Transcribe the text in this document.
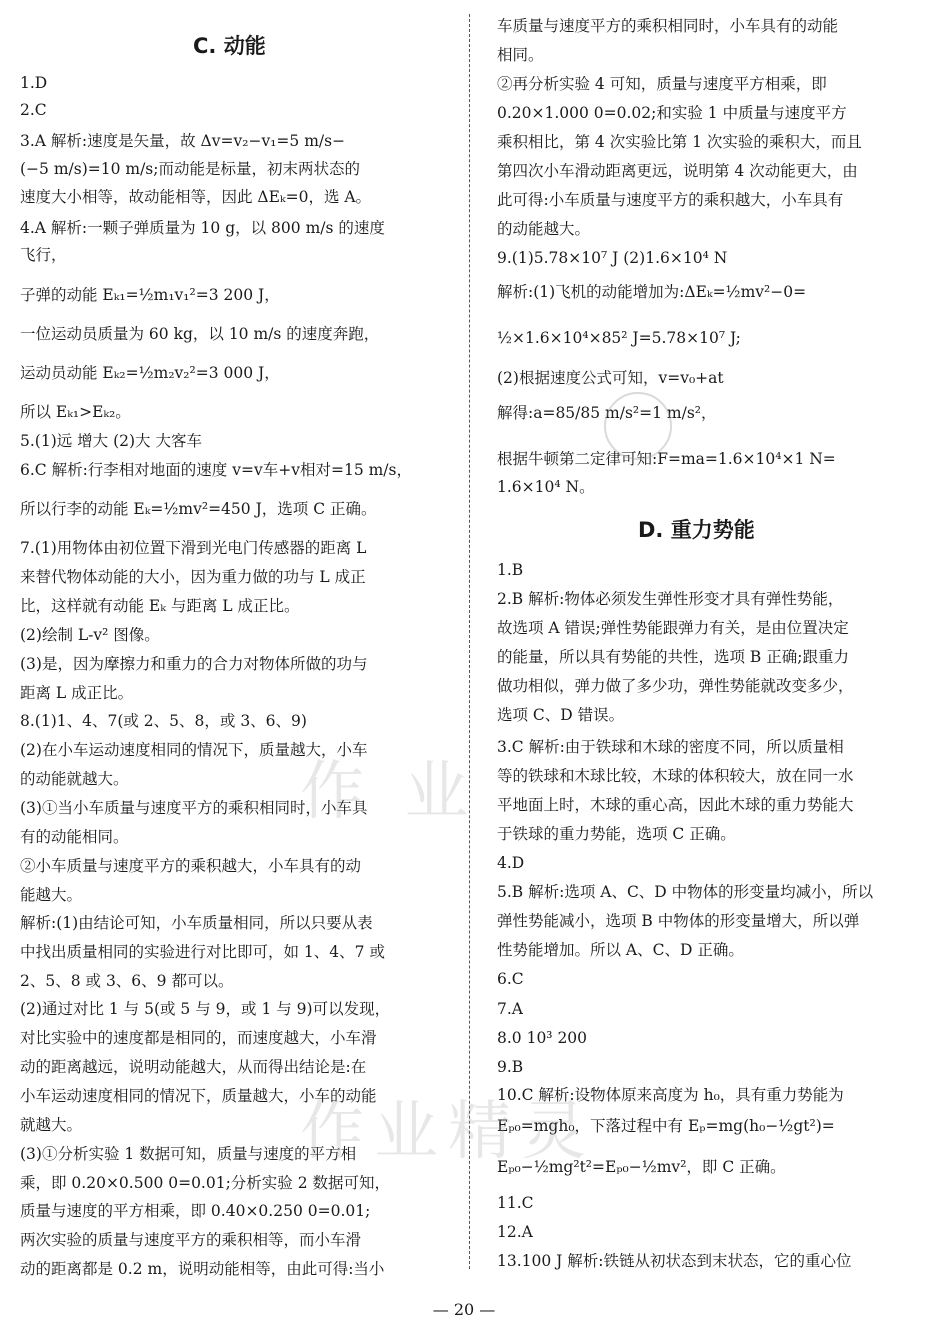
C. 动能
D. 重力势能
1.D
2.C
3.A 解析:速度是矢量，故 Δv=v₂−v₁=5 m/s−
(−5 m/s)=10 m/s;而动能是标量，初末两状态的
速度大小相等，故动能相等，因此 ΔEₖ=0，选 A。
4.A 解析:一颗子弹质量为 10 g，以 800 m/s 的速度
飞行，
子弹的动能 Eₖ₁=½m₁v₁²=3 200 J，
一位运动员质量为 60 kg，以 10 m/s 的速度奔跑，
运动员动能 Eₖ₂=½m₂v₂²=3 000 J，
所以 Eₖ₁>Eₖ₂。
5.(1)远 增大 (2)大 大客车
6.C 解析:行李相对地面的速度 v=v车+v相对=15 m/s，
所以行李的动能 Eₖ=½mv²=450 J，选项 C 正确。
7.(1)用物体由初位置下滑到光电门传感器的距离 L
来替代物体动能的大小，因为重力做的功与 L 成正
比，这样就有动能 Eₖ 与距离 L 成正比。
(2)绘制 L-v² 图像。
(3)是，因为摩擦力和重力的合力对物体所做的功与
距离 L 成正比。
8.(1)1、4、7(或 2、5、8，或 3、6、9)
(2)在小车运动速度相同的情况下，质量越大，小车
的动能就越大。
(3)①当小车质量与速度平方的乘积相同时，小车具
有的动能相同。
②小车质量与速度平方的乘积越大，小车具有的动
能越大。
解析:(1)由结论可知，小车质量相同，所以只要从表
中找出质量相同的实验进行对比即可，如 1、4、7 或
2、5、8 或 3、6、9 都可以。
(2)通过对比 1 与 5(或 5 与 9，或 1 与 9)可以发现，
对比实验中的速度都是相同的，而速度越大，小车滑
动的距离越远，说明动能越大，从而得出结论是:在
小车运动速度相同的情况下，质量越大，小车的动能
就越大。
(3)①分析实验 1 数据可知，质量与速度的平方相
乘，即 0.20×0.500 0=0.01;分析实验 2 数据可知，
质量与速度的平方相乘，即 0.40×0.250 0=0.01;
两次实验的质量与速度平方的乘积相等，而小车滑
动的距离都是 0.2 m，说明动能相等，由此可得:当小
车质量与速度平方的乘积相同时，小车具有的动能
相同。
②再分析实验 4 可知，质量与速度平方相乘，即
0.20×1.000 0=0.02;和实验 1 中质量与速度平方
乘积相比，第 4 次实验比第 1 次实验的乘积大，而且
第四次小车滑动距离更远，说明第 4 次动能更大，由
此可得:小车质量与速度平方的乘积越大，小车具有
的动能越大。
9.(1)5.78×10⁷ J (2)1.6×10⁴ N
解析:(1)飞机的动能增加为:ΔEₖ=½mv²−0=
½×1.6×10⁴×85² J=5.78×10⁷ J;
(2)根据速度公式可知，v=v₀+at
解得:a=85/85 m/s²=1 m/s²，
根据牛顿第二定律可知:F=ma=1.6×10⁴×1 N=
1.6×10⁴ N。
1.B
2.B 解析:物体必须发生弹性形变才具有弹性势能，
故选项 A 错误;弹性势能跟弹力有关，是由位置决定
的能量，所以具有势能的共性，选项 B 正确;跟重力
做功相似，弹力做了多少功，弹性势能就改变多少，
选项 C、D 错误。
3.C 解析:由于铁球和木球的密度不同，所以质量相
等的铁球和木球比较，木球的体积较大，放在同一水
平地面上时，木球的重心高，因此木球的重力势能大
于铁球的重力势能，选项 C 正确。
4.D
5.B 解析:选项 A、C、D 中物体的形变量均减小，所以
弹性势能减小，选项 B 中物体的形变量增大，所以弹
性势能增加。所以 A、C、D 正确。
6.C
7.A
8.0 10³ 200
9.B
10.C 解析:设物体原来高度为 h₀，具有重力势能为
Eₚ₀=mgh₀，下落过程中有 Eₚ=mg(h₀−½gt²)=
Eₚ₀−½mg²t²=Eₚ₀−½mv²，即 C 正确。
11.C
12.A
13.100 J 解析:铁链从初状态到末状态，它的重心位
作 业
作业精灵
— 20 —
